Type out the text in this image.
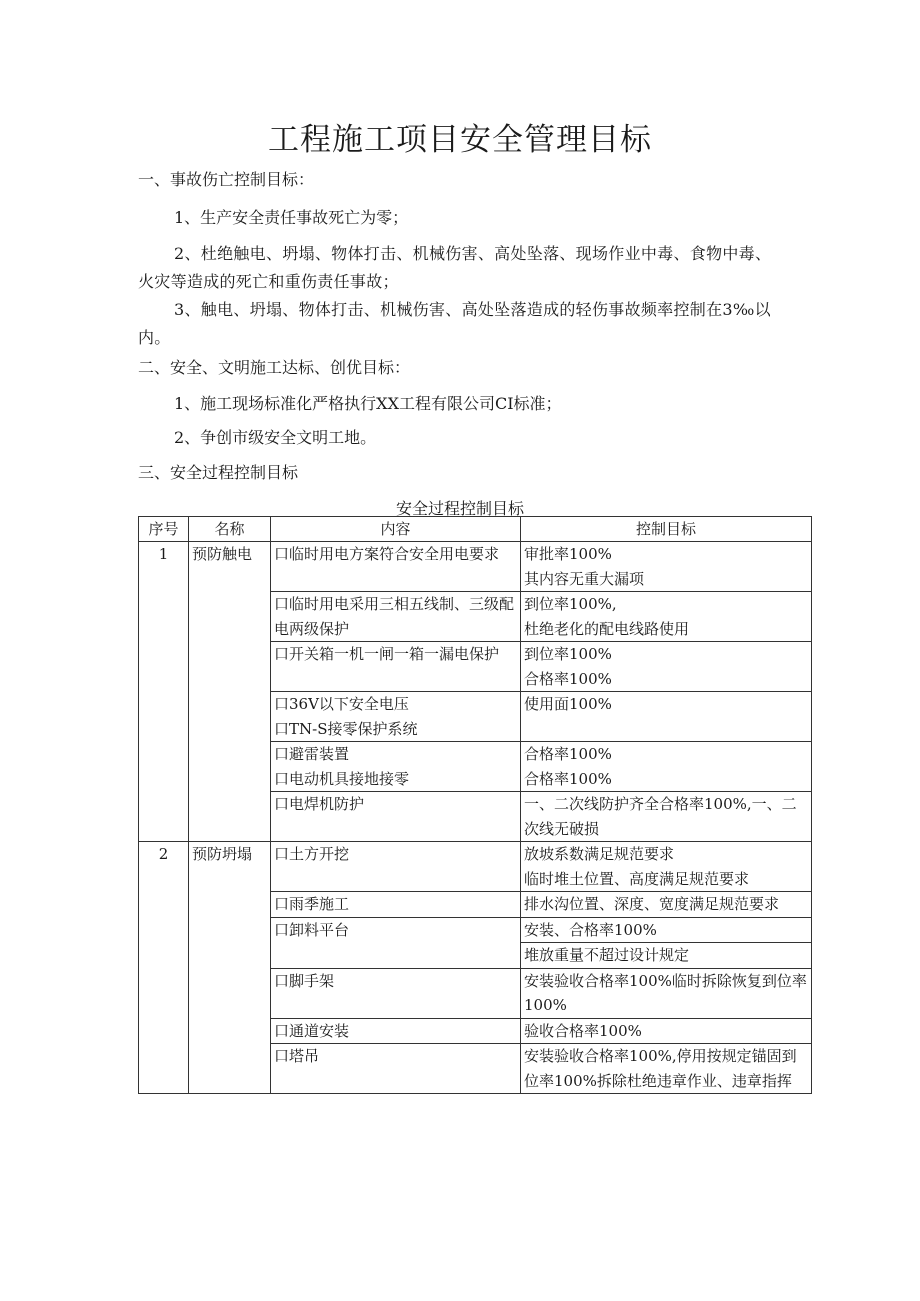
工程施工项目安全管理目标
一、事故伤亡控制目标：
1、生产安全责任事故死亡为零；
2、杜绝触电、坍塌、物体打击、机械伤害、高处坠落、现场作业中毒、食物中毒、火灾等造成的死亡和重伤责任事故；
3、触电、坍塌、物体打击、机械伤害、高处坠落造成的轻伤事故频率控制在3‰以内。
二、安全、文明施工达标、创优目标：
1、施工现场标准化严格执行XX工程有限公司CI标准；
2、争创市级安全文明工地。
三、安全过程控制目标
安全过程控制目标
序号	名称	内容	控制目标
1	预防触电	口临时用电方案符合安全用电要求	审批率100%
其内容无重大漏项

		口临时用电采用三相五线制、三级配电两级保护	到位率100%,
杜绝老化的配电线路使用

		口开关箱一机一闸一箱一漏电保护	到位率100%
合格率100%

		口36V以下安全电压
口TN-S接零保护系统	使用面100%

		口避雷装置
口电动机具接地接零	合格率100%
合格率100%

		口电焊机防护	一、二次线防护齐全合格率100%,一、二次线无破损

2	预防坍塌	口土方开挖	放坡系数满足规范要求
临时堆土位置、高度满足规范要求

		口雨季施工	排水沟位置、深度、宽度满足规范要求

		口卸料平台	安装、合格率100%

			堆放重量不超过设计规定

		口脚手架	安装验收合格率100%临时拆除恢复到位率100%

		口通道安装	验收合格率100%

		口塔吊	安装验收合格率100%,停用按规定锚固到位率100%拆除杜绝违章作业、违章指挥
